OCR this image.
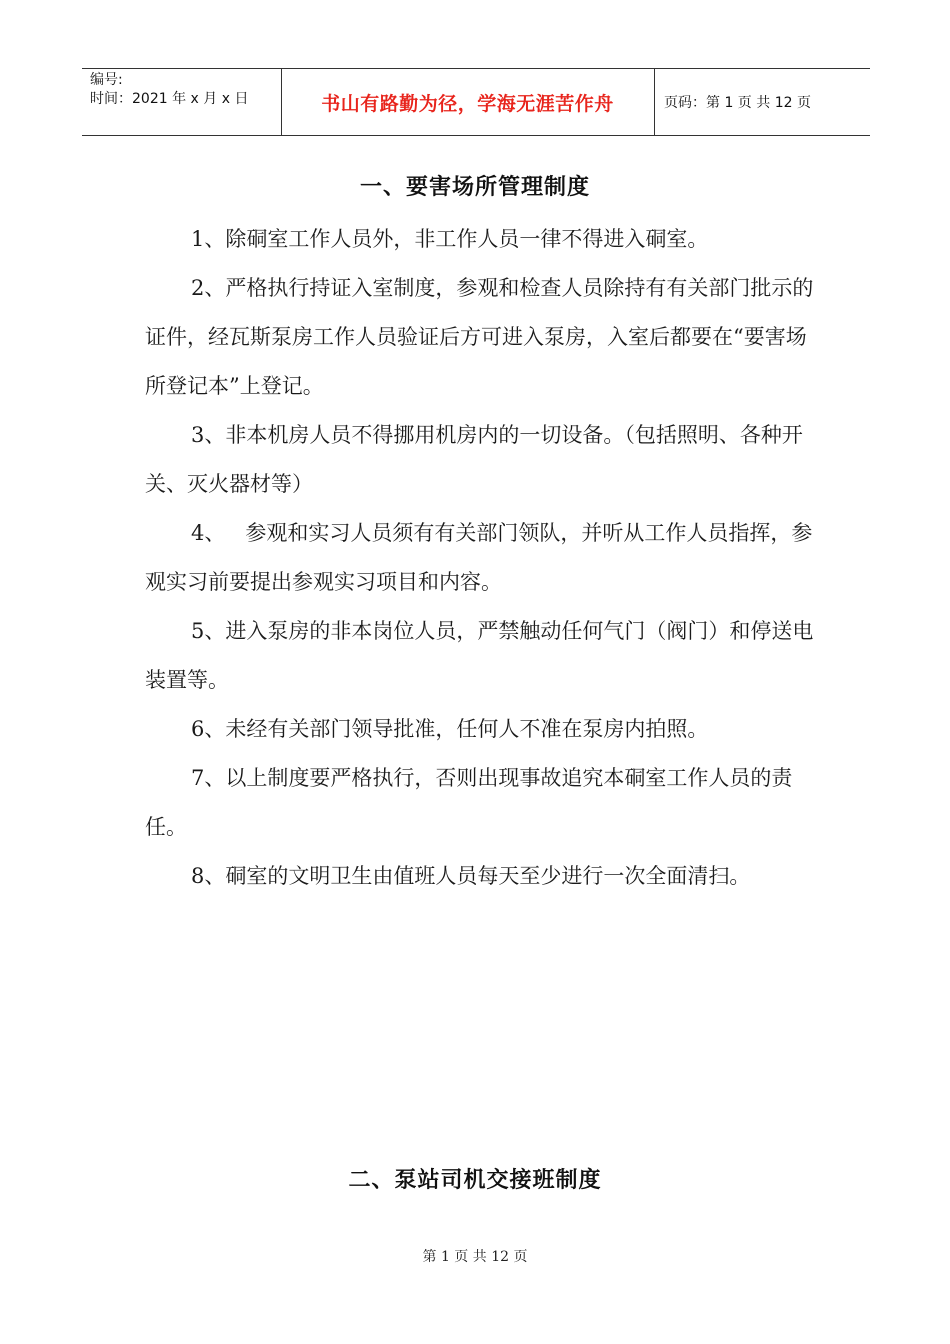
编号:
时间：2021 年 x 月 x 日	书山有路勤为径，学海无涯苦作舟	页码：第 1 页 共 12 页
一、要害场所管理制度
1、除硐室工作人员外，非工作人员一律不得进入硐室。
2、严格执行持证入室制度，参观和检查人员除持有有关部门批示的证件，经瓦斯泵房工作人员验证后方可进入泵房，入室后都要在“要害场所登记本”上登记。
3、非本机房人员不得挪用机房内的一切设备。（包括照明、各种开关、灭火器材等）
4、   参观和实习人员须有有关部门领队，并听从工作人员指挥，参观实习前要提出参观实习项目和内容。
5、进入泵房的非本岗位人员，严禁触动任何气门（阀门）和停送电装置等。
6、未经有关部门领导批准，任何人不准在泵房内拍照。
7、以上制度要严格执行，否则出现事故追究本硐室工作人员的责任。
8、硐室的文明卫生由值班人员每天至少进行一次全面清扫。
二、泵站司机交接班制度
第 1 页 共 12 页
